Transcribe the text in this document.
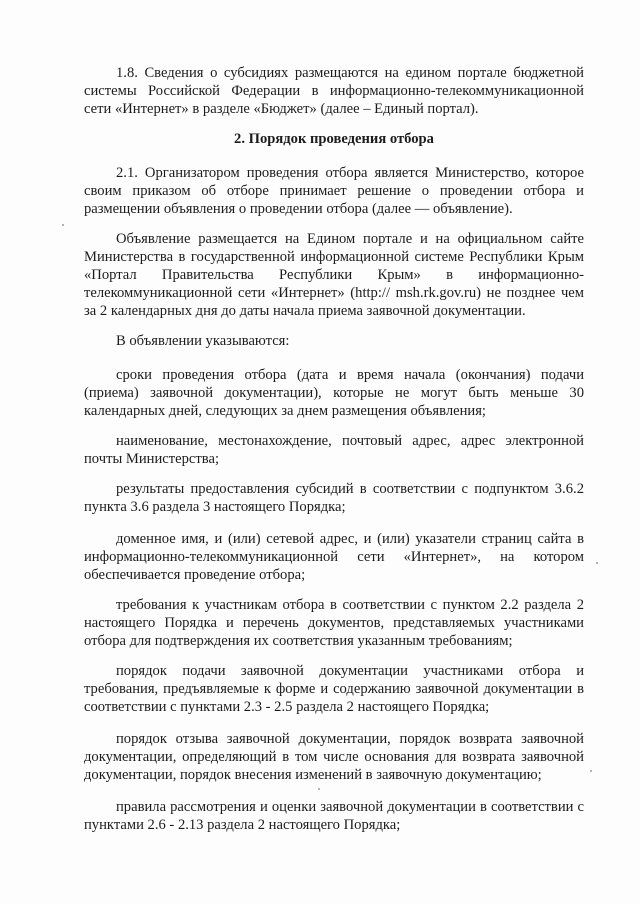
1.8. Сведения о субсидиях размещаются на едином портале бюджетной системы Российской Федерации в информационно-телекоммуникационной сети «Интернет» в разделе «Бюджет» (далее – Единый портал).

2. Порядок проведения отбора

2.1. Организатором проведения отбора является Министерство, которое своим приказом об отборе принимает решение о проведении отбора и размещении объявления о проведении отбора (далее — объявление).

Объявление размещается на Едином портале и на официальном сайте Министерства в государственной информационной системе Республики Крым «Портал Правительства Республики Крым» в информационно-телекоммуникационной сети «Интернет» (http:// msh.rk.gov.ru) не позднее чем за 2 календарных дня до даты начала приема заявочной документации.

В объявлении указываются:

сроки проведения отбора (дата и время начала (окончания) подачи (приема) заявочной документации), которые не могут быть меньше 30 календарных дней, следующих за днем размещения объявления;

наименование, местонахождение, почтовый адрес, адрес электронной почты Министерства;

результаты предоставления субсидий в соответствии с подпунктом 3.6.2 пункта 3.6 раздела 3 настоящего Порядка;

доменное имя, и (или) сетевой адрес, и (или) указатели страниц сайта в информационно-телекоммуникационной сети «Интернет», на котором обеспечивается проведение отбора;

требования к участникам отбора в соответствии с пунктом 2.2 раздела 2 настоящего Порядка и перечень документов, представляемых участниками отбора для подтверждения их соответствия указанным требованиям;

порядок подачи заявочной документации участниками отбора и требования, предъявляемые к форме и содержанию заявочной документации в соответствии с пунктами 2.3 - 2.5 раздела 2 настоящего Порядка;

порядок отзыва заявочной документации, порядок возврата заявочной документации, определяющий в том числе основания для возврата заявочной документации, порядок внесения изменений в заявочную документацию;

правила рассмотрения и оценки заявочной документации в соответствии с пунктами 2.6 - 2.13 раздела 2 настоящего Порядка;
